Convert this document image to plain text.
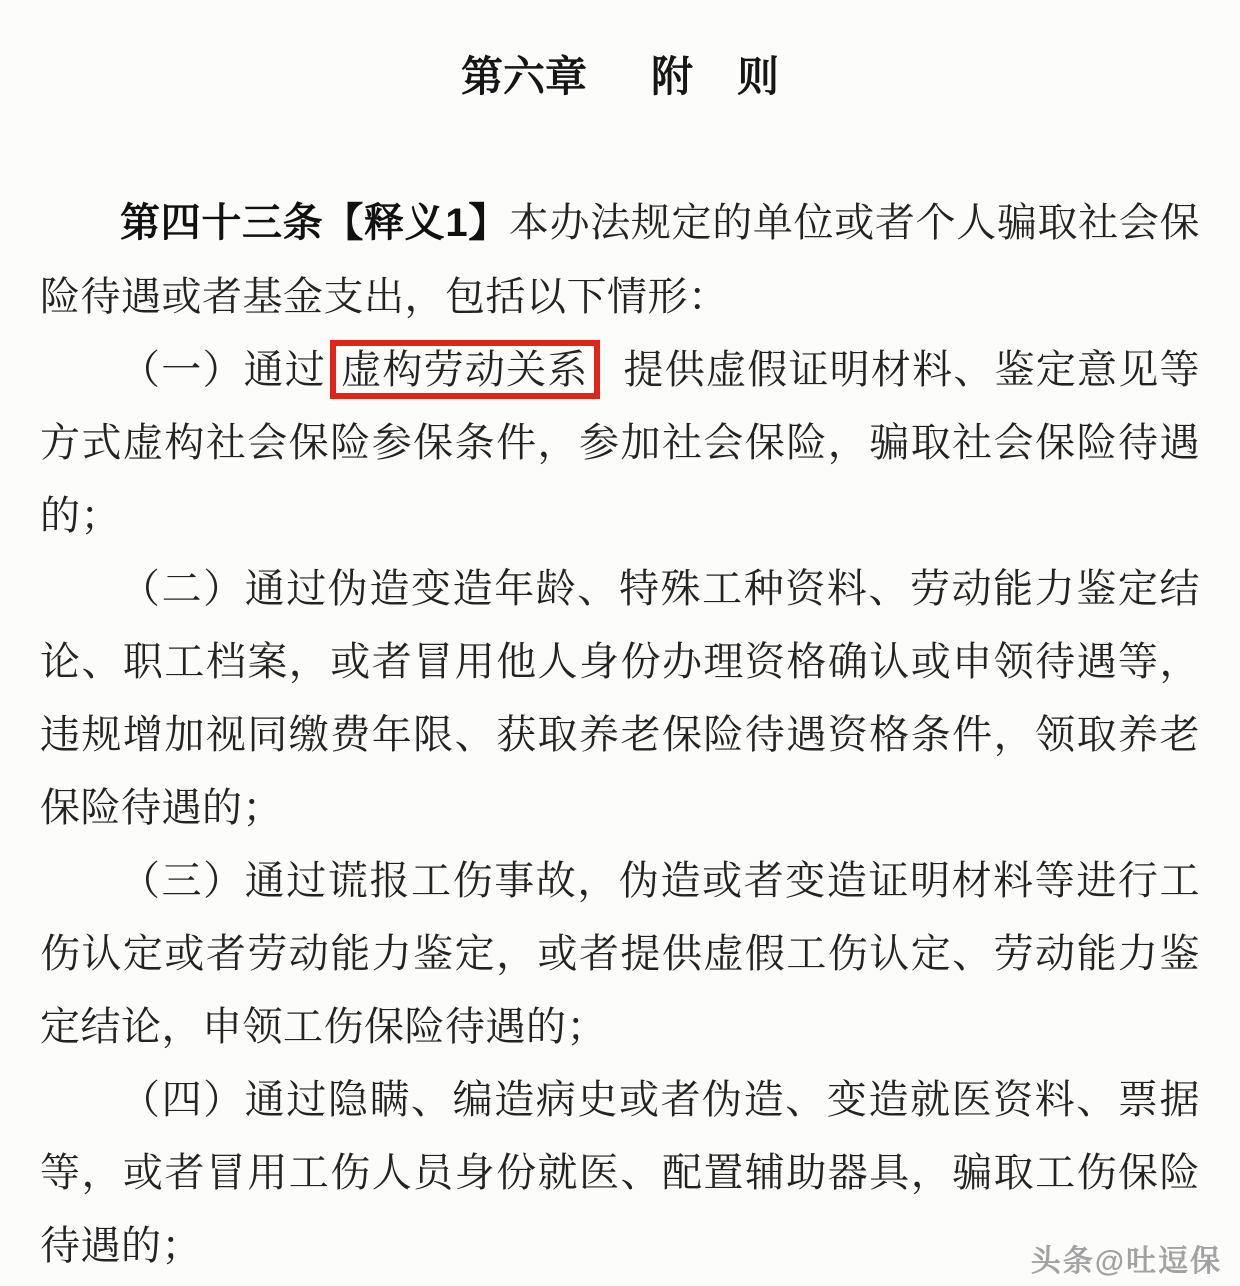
第六章 附 则

第四十三条【释义1】本办法规定的单位或者个人骗取社会保险待遇或者基金支出，包括以下情形：

（一）通过 虚构劳动关系 提供虚假证明材料、鉴定意见等方式虚构社会保险参保条件，参加社会保险，骗取社会保险待遇的；

（二）通过伪造变造年龄、特殊工种资料、劳动能力鉴定结论、职工档案，或者冒用他人身份办理资格确认或申领待遇等，违规增加视同缴费年限、获取养老保险待遇资格条件，领取养老保险待遇的；

（三）通过谎报工伤事故，伪造或者变造证明材料等进行工伤认定或者劳动能力鉴定，或者提供虚假工伤认定、劳动能力鉴定结论，申领工伤保险待遇的；

（四）通过隐瞒、编造病史或者伪造、变造就医资料、票据等，或者冒用工伤人员身份就医、配置辅助器具，骗取工伤保险待遇的；	头条@吐逗保
